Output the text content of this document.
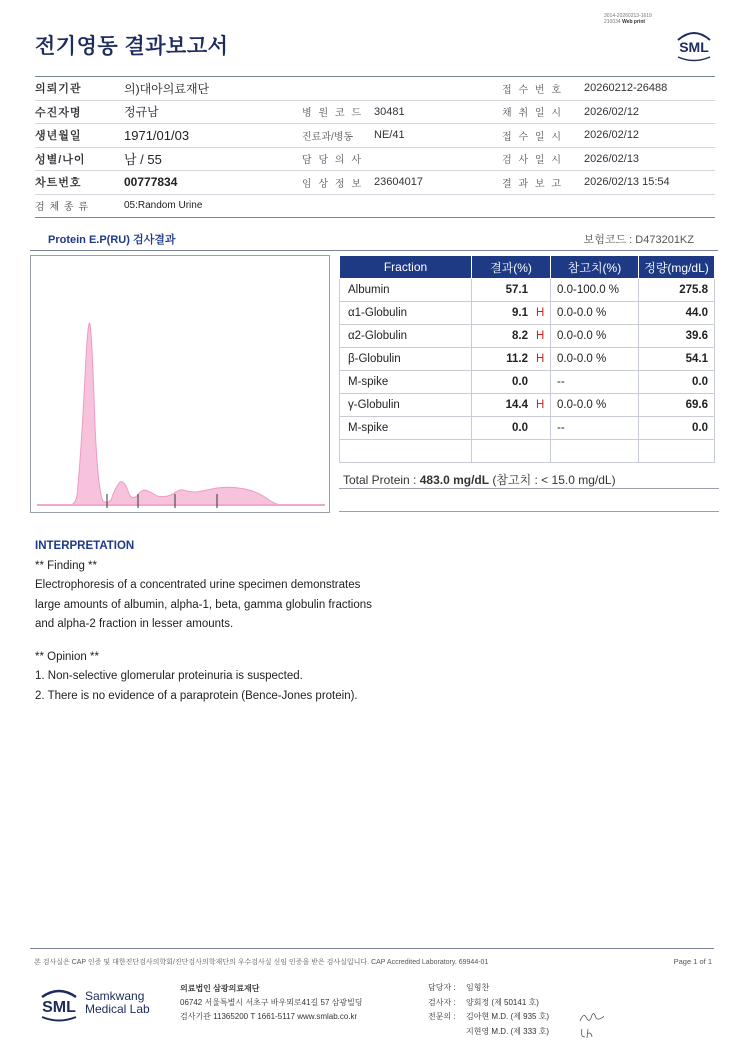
3014-20260213-1619
210034 Web print
전기영동 결과보고서	SML
의뢰기관	의)대아의료재단			접 수 번 호	20260212-26488
수진자명	정규남	병 원 코 드	30481	채 취 일 시	2026/02/12
생년월일	1971/01/03	진료과/병동	NE/41	접 수 일 시	2026/02/12
성별/나이	남 / 55	담 당 의 사		검 사 일 시	2026/02/13
차트번호	00777834	임 상 정 보	23604017	결 과 보 고	2026/02/13 15:54
검 체 종 류	05:Random Urine				
Protein E.P(RU) 검사결과	보험코드 : D473201KZ
Fraction	결과(%)	참고치(%)	정량(mg/dL)
Albumin	57.1	0.0-100.0 %	275.8
α1-Globulin	9.1 H	0.0-0.0 %	44.0
α2-Globulin	8.2 H	0.0-0.0 %	39.6
β-Globulin	11.2 H	0.0-0.0 %	54.1
M-spike	0.0	--	0.0
γ-Globulin	14.4 H	0.0-0.0 %	69.6
M-spike	0.0	--	0.0

Total Protein : 483.0 mg/dL (참고치 : < 15.0 mg/dL)
INTERPRETATION
** Finding **
Electrophoresis of a concentrated urine specimen demonstrates
large amounts of albumin, alpha-1, beta, gamma globulin fractions
and alpha-2 fraction in lesser amounts.
** Opinion **
1. Non-selective glomerular proteinuria is suspected.
2. There is no evidence of a paraprotein (Bence-Jones protein).
본 검사실은 CAP 인증 및 대한진단검사의학회/진단검사의학재단의 우수검사실 신임 인증을 받은 검사실입니다. CAP Accredited Laboratory. 69944-01	Page 1 of 1
SML
Samkwang
Medical Lab
의료법인 삼광의료재단
06742 서울특별시 서초구 바우뫼로41길 57 삼광빌딩
검사기관 11365200 T 1661-5117 www.smlab.co.kr
담당자 :	임형찬
검사자 :	양회정 (제 50141 호)
전문의 :	김아현 M.D. (제 935 호)
지현영 M.D. (제 333 호)
